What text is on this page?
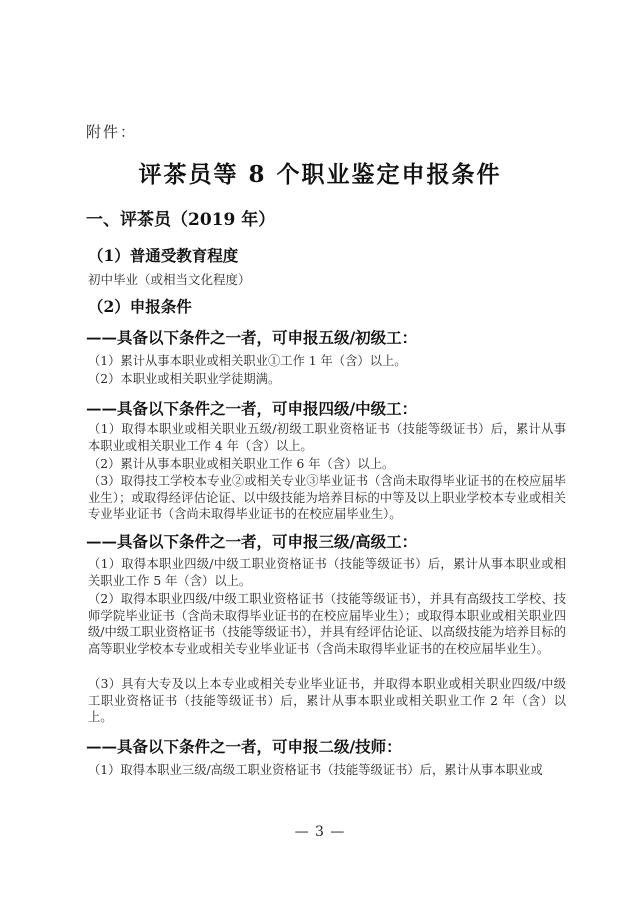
附件：
评茶员等 8 个职业鉴定申报条件
一、评茶员（2019 年）
（1）普通受教育程度
初中毕业（或相当文化程度）
（2）申报条件
——具备以下条件之一者，可申报五级/初级工：

（1）累计从事本职业或相关职业①工作 1 年（含）以上。

（2）本职业或相关职业学徒期满。

——具备以下条件之一者，可申报四级/中级工：

（1）取得本职业或相关职业五级/初级工职业资格证书（技能等级证书）后，累计从事本职业或相关职业工作 4 年（含）以上。

（2）累计从事本职业或相关职业工作 6 年（含）以上。

（3）取得技工学校本专业②或相关专业③毕业证书（含尚未取得毕业证书的在校应届毕业生）；或取得经评估论证、以中级技能为培养目标的中等及以上职业学校本专业或相关专业毕业证书（含尚未取得毕业证书的在校应届毕业生）。

——具备以下条件之一者，可申报三级/高级工：

（1）取得本职业四级/中级工职业资格证书（技能等级证书）后，累计从事本职业或相关职业工作 5 年（含）以上。

（2）取得本职业四级/中级工职业资格证书（技能等级证书），并具有高级技工学校、技师学院毕业证书（含尚未取得毕业证书的在校应届毕业生）；或取得本职业或相关职业四级/中级工职业资格证书（技能等级证书），并具有经评估论证、以高级技能为培养目标的高等职业学校本专业或相关专业毕业证书（含尚未取得毕业证书的在校应届毕业生）。

（3）具有大专及以上本专业或相关专业毕业证书，并取得本职业或相关职业四级/中级工职业资格证书（技能等级证书）后，累计从事本职业或相关职业工作 2 年（含）以上。

——具备以下条件之一者，可申报二级/技师：

（1）取得本职业三级/高级工职业资格证书（技能等级证书）后，累计从事本职业或

— 3 —
